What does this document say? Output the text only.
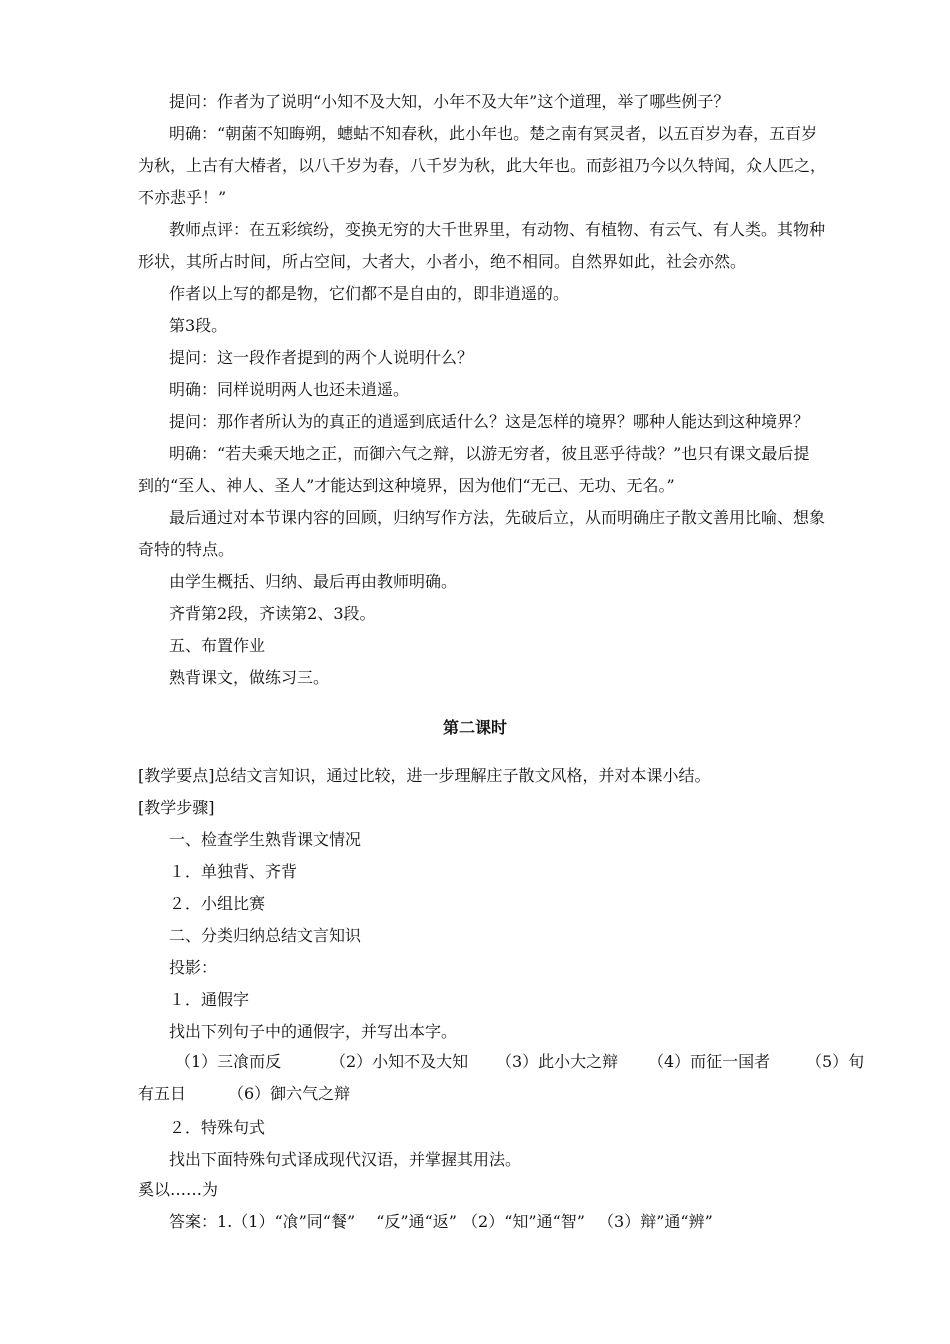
提问：作者为了说明“小知不及大知，小年不及大年”这个道理，举了哪些例子？
明确：“朝菌不知晦朔，蟪蛄不知春秋，此小年也。楚之南有冥灵者，以五百岁为春，五百岁
为秋，上古有大椿者，以八千岁为春，八千岁为秋，此大年也。而彭祖乃今以久特闻，众人匹之，
不亦悲乎！”
教师点评：在五彩缤纷，变换无穷的大千世界里，有动物、有植物、有云气、有人类。其物种
形状，其所占时间，所占空间，大者大，小者小，绝不相同。自然界如此，社会亦然。
作者以上写的都是物，它们都不是自由的，即非逍遥的。
第3段。
提问：这一段作者提到的两个人说明什么？
明确：同样说明两人也还未逍遥。
提问：那作者所认为的真正的逍遥到底适什么？这是怎样的境界？哪种人能达到这种境界？
明确：“若夫乘天地之正，而御六气之辩，以游无穷者，彼且恶乎待哉？”也只有课文最后提
到的“至人、神人、圣人”才能达到这种境界，因为他们“无己、无功、无名。”
最后通过对本节课内容的回顾，归纳写作方法，先破后立，从而明确庄子散文善用比喻、想象
奇特的特点。
由学生概括、归纳、最后再由教师明确。
齐背第2段，齐读第2、3段。
五、布置作业
熟背课文，做练习三。
第二课时
[教学要点]总结文言知识，通过比较，进一步理解庄子散文风格，并对本课小结。
[教学步骤]
一、检查学生熟背课文情况
１．单独背、齐背
２．小组比赛
二、分类归纳总结文言知识
投影：
１．通假字
找出下列句子中的通假字，并写出本字。
（1）三飡而反	（2）小知不及大知 （3）此小大之辩 （4）而征一国者 （5）旬
有五日	（6）御六气之辩
２．特殊句式
找出下面特殊句式译成现代汉语，并掌握其用法。
奚以……为
答案：1.（1）“飡”同“餐” 　“反”通“返” （2）“知”通“智” 　（3）辩”通“辨”
